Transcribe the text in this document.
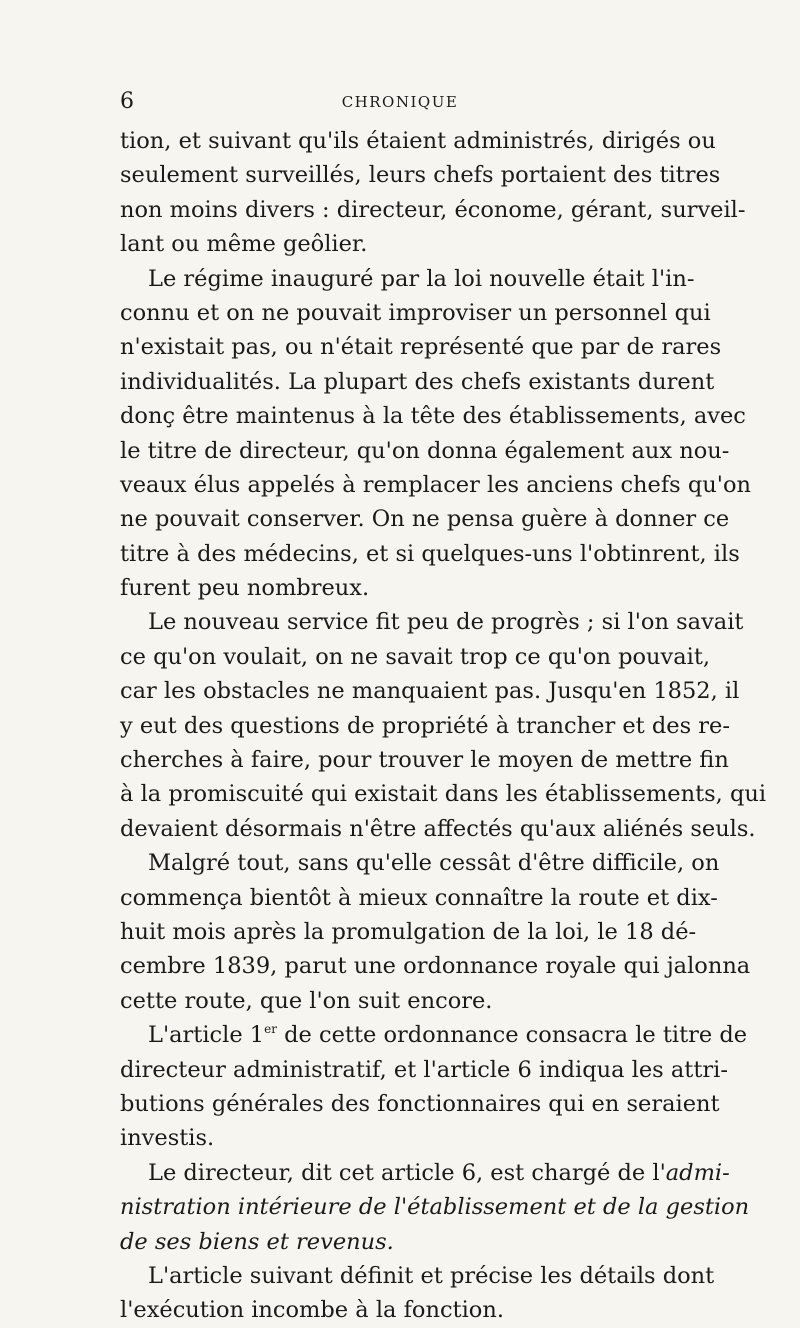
6	CHRONIQUE
tion, et suivant qu'ils étaient administrés, dirigés ou
seulement surveillés, leurs chefs portaient des titres
non moins divers : directeur, économe, gérant, surveil-
lant ou même geôlier.
Le régime inauguré par la loi nouvelle était l'in-
connu et on ne pouvait improviser un personnel qui
n'existait pas, ou n'était représenté que par de rares
individualités. La plupart des chefs existants durent
donç être maintenus à la tête des établissements, avec
le titre de directeur, qu'on donna également aux nou-
veaux élus appelés à remplacer les anciens chefs qu'on
ne pouvait conserver. On ne pensa guère à donner ce
titre à des médecins, et si quelques-uns l'obtinrent, ils
furent peu nombreux.
Le nouveau service fit peu de progrès ; si l'on savait
ce qu'on voulait, on ne savait trop ce qu'on pouvait,
car les obstacles ne manquaient pas. Jusqu'en 1852, il
y eut des questions de propriété à trancher et des re-
cherches à faire, pour trouver le moyen de mettre fin
à la promiscuité qui existait dans les établissements, qui
devaient désormais n'être affectés qu'aux aliénés seuls.
Malgré tout, sans qu'elle cessât d'être difficile, on
commença bientôt à mieux connaître la route et dix-
huit mois après la promulgation de la loi, le 18 dé-
cembre 1839, parut une ordonnance royale qui jalonna
cette route, que l'on suit encore.
L'article 1er de cette ordonnance consacra le titre de
directeur administratif, et l'article 6 indiqua les attri-
butions générales des fonctionnaires qui en seraient
investis.
Le directeur, dit cet article 6, est chargé de l'admi-
nistration intérieure de l'établissement et de la gestion
de ses biens et revenus.
L'article suivant définit et précise les détails dont
l'exécution incombe à la fonction.
